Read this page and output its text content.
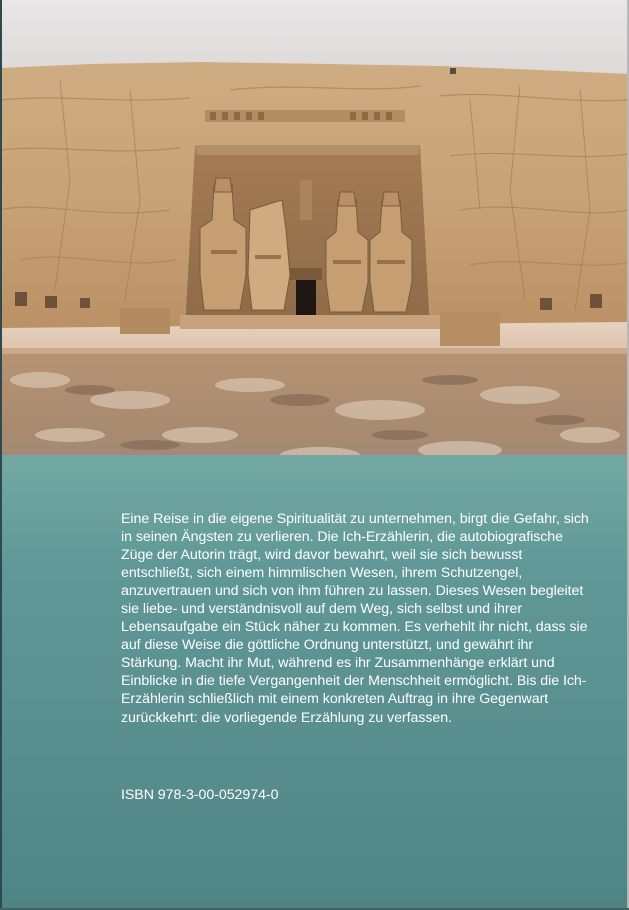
Eine Reise in die eigene Spiritualität zu unternehmen, birgt die Gefahr, sich in seinen Ängsten zu verlieren. Die Ich-Erzählerin, die autobiografische Züge der Autorin trägt, wird davor bewahrt, weil sie sich bewusst entschließt, sich einem himmlischen Wesen, ihrem Schutzengel, anzuvertrauen und sich von ihm führen zu lassen. Dieses Wesen begleitet sie liebe- und verständnisvoll auf dem Weg, sich selbst und ihrer Lebensaufgabe ein Stück näher zu kommen. Es verhehlt ihr nicht, dass sie auf diese Weise die göttliche Ordnung unterstützt, und gewährt ihr Stärkung. Macht ihr Mut, während es ihr Zusammenhänge erklärt und Einblicke in die tiefe Vergangenheit der Menschheit ermöglicht. Bis die Ich-Erzählerin schließlich mit einem konkreten Auftrag in ihre Gegenwart zurückkehrt: die vorliegende Erzählung zu verfassen.

ISBN 978-3-00-052974-0
